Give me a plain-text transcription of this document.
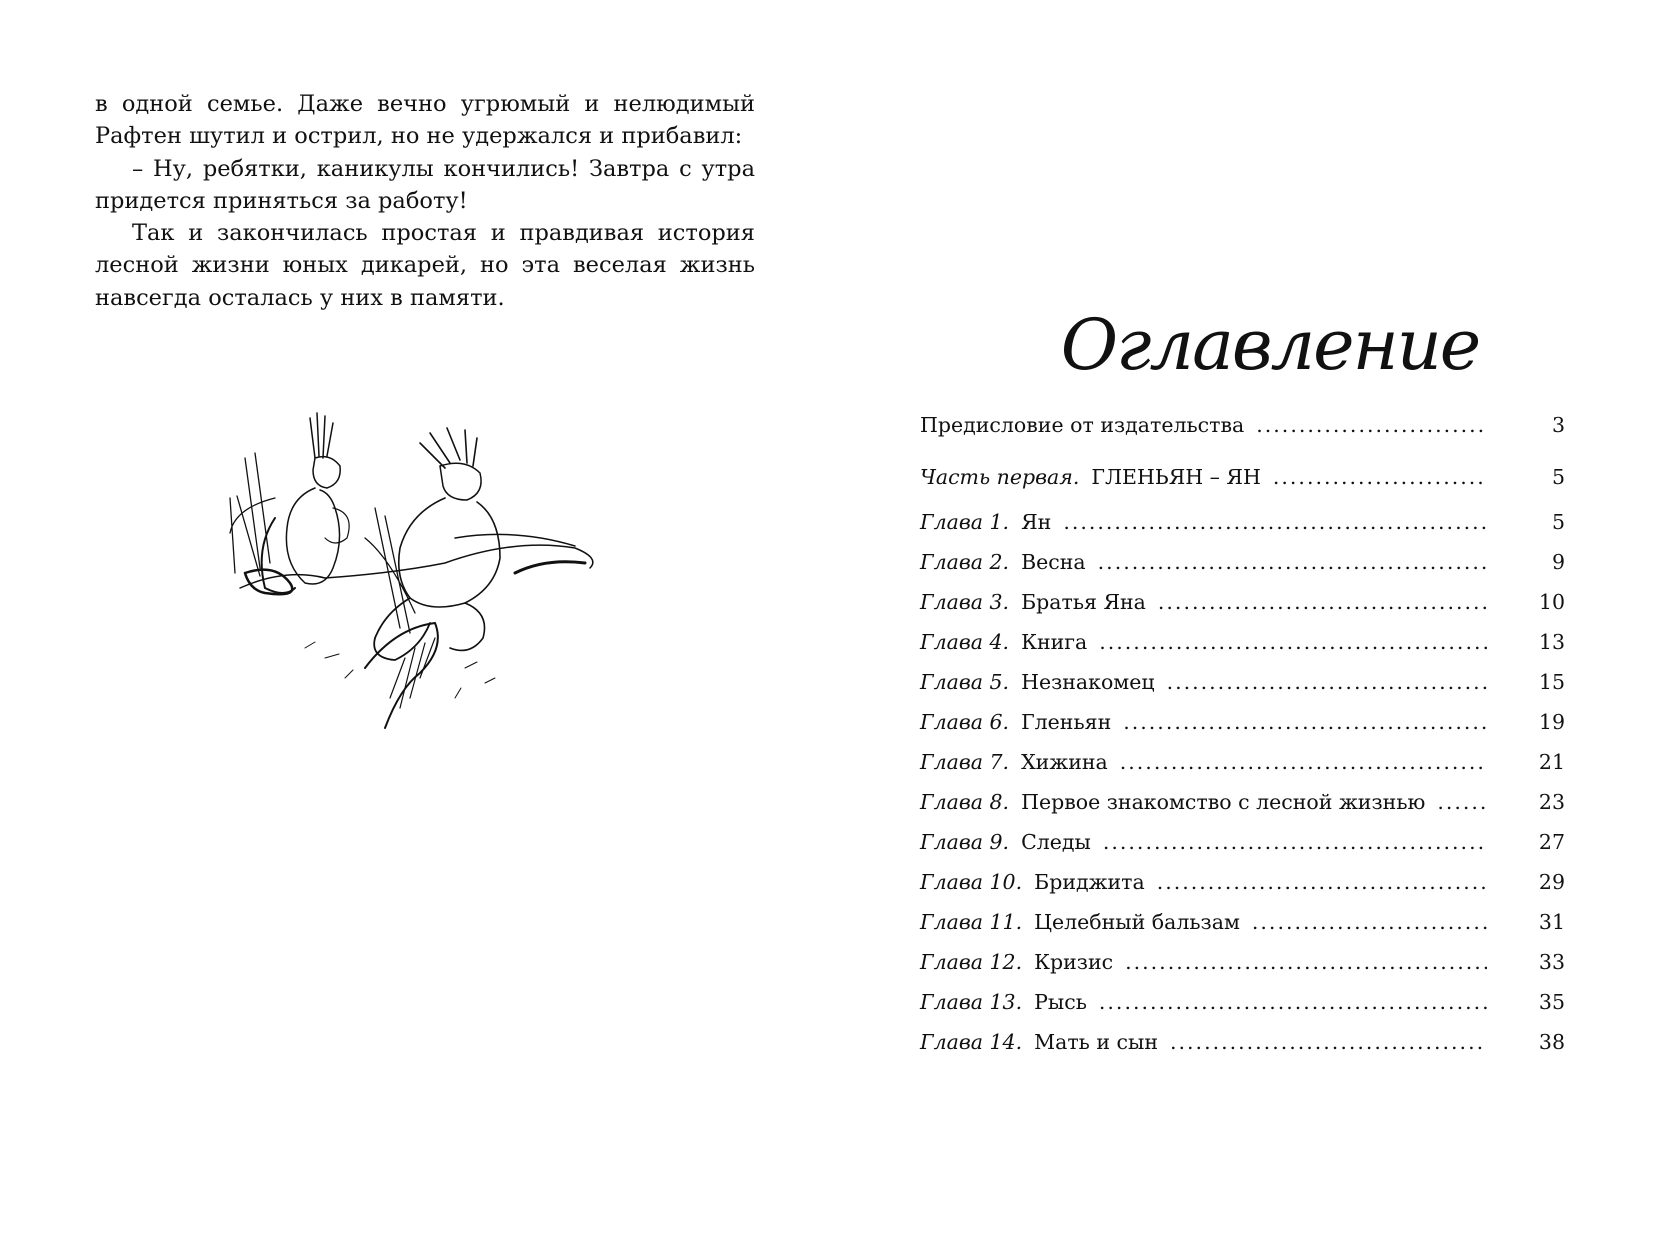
в одной семье. Даже вечно угрюмый и нелюдимый Рафтен шутил и острил, но не удержался и прибавил:

– Ну, ребятки, каникулы кончились! Завтра с утра придется приняться за работу!

Так и закончилась простая и правдивая история лесной жизни юных дикарей, но эта веселая жизнь навсегда осталась у них в памяти.

Оглавление
Предисловие от издательства .....	3
Часть первая. ГЛЕНЬЯН – ЯН .....	5
Глава 1. Ян .....	5
Глава 2. Весна .....	9
Глава 3. Братья Яна .....	10
Глава 4. Книга .....	13
Глава 5. Незнакомец .....	15
Глава 6. Гленьян .....	19
Глава 7. Хижина .....	21
Глава 8. Первое знакомство с лесной жизнью .....	23
Глава 9. Следы .....	27
Глава 10. Бриджита .....	29
Глава 11. Целебный бальзам .....	31
Глава 12. Кризис .....	33
Глава 13. Рысь .....	35
Глава 14. Мать и сын .....	38
